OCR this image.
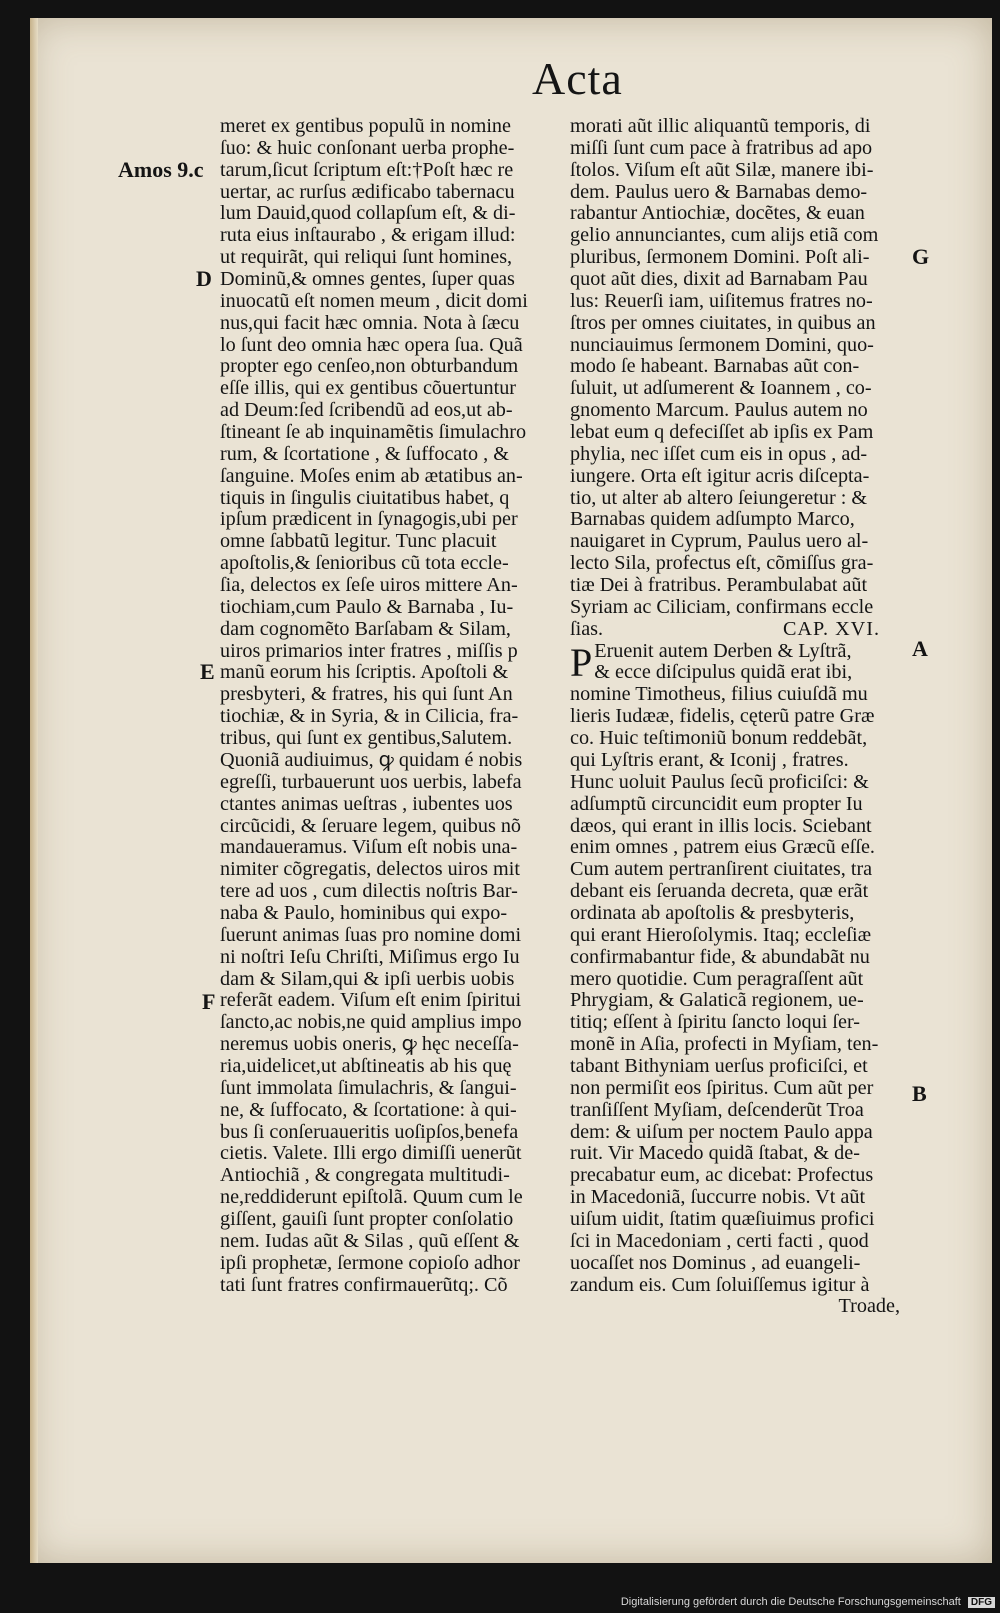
Acta
meret ex gentibus populũ in nomine
ſuo: & huic conſonant uerba prophe-
tarum,ſicut ſcriptum eſt:†Poſt hæc re
uertar, ac rurſus ædificabo tabernacu
lum Dauid,quod collapſum eſt, & di-
ruta eius inſtaurabo , & erigam illud:
ut requirãt, qui reliqui ſunt homines,
Dominũ,& omnes gentes, ſuper quas
inuocatũ eſt nomen meum , dicit domi
nus,qui facit hæc omnia. Nota à ſæcu
lo ſunt deo omnia hæc opera ſua. Quã
propter ego cenſeo,non obturbandum
eſſe illis, qui ex gentibus cõuertuntur
ad Deum:ſed ſcribendũ ad eos,ut ab-
ſtineant ſe ab inquinamẽtis ſimulachro
rum, & ſcortatione , & ſuffocato , &
ſanguine. Moſes enim ab ætatibus an-
tiquis in ſingulis ciuitatibus habet, q
ipſum prædicent in ſynagogis,ubi per
omne ſabbatũ legitur. Tunc placuit
apoſtolis,& ſenioribus cũ tota eccle-
ſia, delectos ex ſeſe uiros mittere An-
tiochiam,cum Paulo & Barnaba , Iu-
dam cognomẽto Barſabam & Silam,
uiros primarios inter fratres , miſſis p
manũ eorum his ſcriptis. Apoſtoli &
presbyteri, & fratres, his qui ſunt An
tiochiæ, & in Syria, & in Cilicia, fra-
tribus, qui ſunt ex gentibus,Salutem.
Quoniã audiuimus, ꝙ quidam é nobis
egreſſi, turbauerunt uos uerbis, labefa
ctantes animas ueſtras , iubentes uos
circũcidi, & ſeruare legem, quibus nõ
mandaueramus. Viſum eſt nobis una-
nimiter cõgregatis, delectos uiros mit
tere ad uos , cum dilectis noſtris Bar-
naba & Paulo, hominibus qui expo-
ſuerunt animas ſuas pro nomine domi
ni noſtri Ieſu Chriſti, Miſimus ergo Iu
dam & Silam,qui & ipſi uerbis uobis
referãt eadem. Viſum eſt enim ſpiritui
ſancto,ac nobis,ne quid amplius impo
neremus uobis oneris, ꝙ hęc neceſſa-
ria,uidelicet,ut abſtineatis ab his quę
ſunt immolata ſimulachris, & ſangui-
ne, & ſuffocato, & ſcortatione: à qui-
bus ſi conſeruaueritis uoſipſos,benefa
cietis. Valete. Illi ergo dimiſſi uenerũt
Antiochiã , & congregata multitudi-
ne,reddiderunt epiſtolã. Quum cum le
giſſent, gauiſi ſunt propter conſolatio
nem. Iudas aũt & Silas , quũ eſſent &
ipſi prophetæ, ſermone copioſo adhor
tati ſunt fratres confirmauerũtq;. Cõ
morati aũt illic aliquantũ temporis, di
miſſi ſunt cum pace à fratribus ad apo
ſtolos. Viſum eſt aũt Silæ, manere ibi-
dem. Paulus uero & Barnabas demo-
rabantur Antiochiæ, docẽtes, & euan
gelio annunciantes, cum alijs etiã com
pluribus, ſermonem Domini. Poſt ali-
quot aũt dies, dixit ad Barnabam Pau
lus: Reuerſi iam, uiſitemus fratres no-
ſtros per omnes ciuitates, in quibus an
nunciauimus ſermonem Domini, quo-
modo ſe habeant. Barnabas aũt con-
ſuluit, ut adſumerent & Ioannem , co-
gnomento Marcum. Paulus autem no
lebat eum q defeciſſet ab ipſis ex Pam
phylia, nec iſſet cum eis in opus , ad-
iungere. Orta eſt igitur acris diſcepta-
tio, ut alter ab altero ſeiungeretur : &
Barnabas quidem adſumpto Marco,
nauigaret in Cyprum, Paulus uero al-
lecto Sila, profectus eſt, cõmiſſus gra-
tiæ Dei à fratribus. Perambulabat aũt
Syriam ac Ciliciam, confirmans eccle
ſias.	CAP. XVI.
P Eruenit autem Derben & Lyſtrã,
& ecce diſcipulus quidã erat ibi,
nomine Timotheus, filius cuiuſdã mu
lieris Iudææ, fidelis, cęterũ patre Græ
co. Huic teſtimoniũ bonum reddebãt,
qui Lyſtris erant, & Iconij , fratres.
Hunc uoluit Paulus ſecũ proficiſci: &
adſumptũ circuncidit eum propter Iu
dæos, qui erant in illis locis. Sciebant
enim omnes , patrem eius Græcũ eſſe.
Cum autem pertranſirent ciuitates, tra
debant eis ſeruanda decreta, quæ erãt
ordinata ab apoſtolis & presbyteris,
qui erant Hieroſolymis. Itaq; eccleſiæ
confirmabantur fide, & abundabãt nu
mero quotidie. Cum peragraſſent aũt
Phrygiam, & Galaticã regionem, ue-
titiq; eſſent à ſpiritu ſancto loqui ſer-
monẽ in Aſia, profecti in Myſiam, ten-
tabant Bithyniam uerſus proficiſci, et
non permiſit eos ſpiritus. Cum aũt per
tranſiſſent Myſiam, deſcenderũt Troa
dem: & uiſum per noctem Paulo appa
ruit. Vir Macedo quidã ſtabat, & de-
precabatur eum, ac dicebat: Profectus
in Macedoniã, ſuccurre nobis. Vt aũt
uiſum uidit, ſtatim quæſiuimus profici
ſci in Macedoniam , certi facti , quod
uocaſſet nos Dominus , ad euangeli-
zandum eis. Cum ſoluiſſemus igitur à
Troade,
Amos 9.c
D
E
F
G
A
B
Digitalisierung gefördert durch die Deutsche Forschungsgemeinschaft DFG
